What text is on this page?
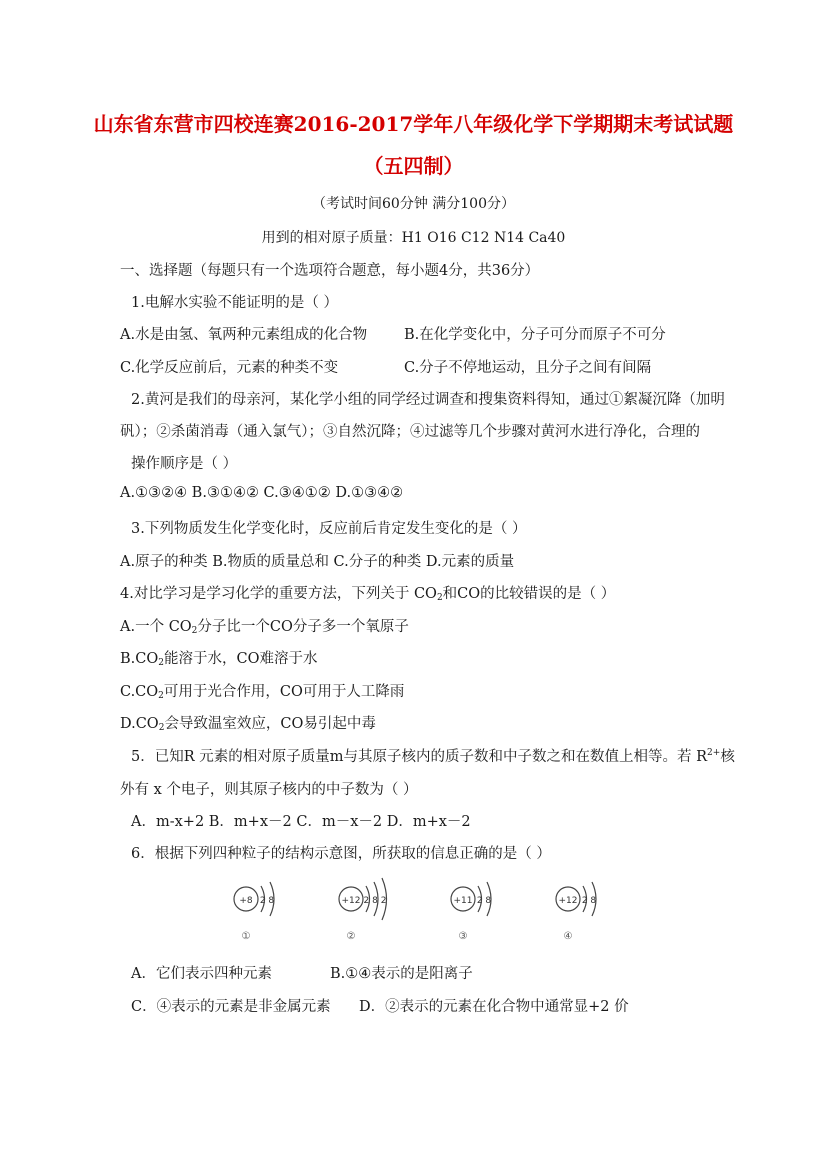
山东省东营市四校连赛2016-2017学年八年级化学下学期期末考试试题
（五四制）
（考试时间60分钟 满分100分）
用到的相对原子质量：H1 O16 C12 N14 Ca40
一、选择题（每题只有一个选项符合题意，每小题4分，共36分）
1.电解水实验不能证明的是（ ）
A.水是由氢、氧两种元素组成的化合物	B.在化学变化中，分子可分而原子不可分
C.化学反应前后，元素的种类不变	C.分子不停地运动，且分子之间有间隔
2.黄河是我们的母亲河，某化学小组的同学经过调查和搜集资料得知，通过①絮凝沉降（加明
矾）；②杀菌消毒（通入氯气）；③自然沉降；④过滤等几个步骤对黄河水进行净化，合理的
操作顺序是（ ）
A.①③②④ B.③①④② C.③④①② D.①③④②
3.下列物质发生化学变化时，反应前后肯定发生变化的是（ ）
A.原子的种类 B.物质的质量总和 C.分子的种类 D.元素的质量
4.对比学习是学习化学的重要方法，下列关于 $CO_2$和CO的比较错误的是（ ）
A.一个 $CO_2$分子比一个CO分子多一个氧原子
$B.CO_2$能溶于水，CO难溶于水
$C.CO_2$可用于光合作用，CO可用于人工降雨
$D.CO_2$会导致温室效应，CO易引起中毒
5．已知R 元素的相对原子质量m与其原子核内的质子数和中子数之和在数值上相等。若 $R^{2+}$核
外有 x 个电子，则其原子核内的中子数为（ ）
A．m-x+2 B．m+x－2 C．m－x－2 D．m+x－2
6．根据下列四种粒子的结构示意图，所获取的信息正确的是（ ）
+8 2 8
①
+12 2 8 2
②
+11 2 8
③
+12 2 8
④
A．它们表示四种元素	B.①④表示的是阳离子
C．④表示的元素是非金属元素 D．②表示的元素在化合物中通常显+2 价
